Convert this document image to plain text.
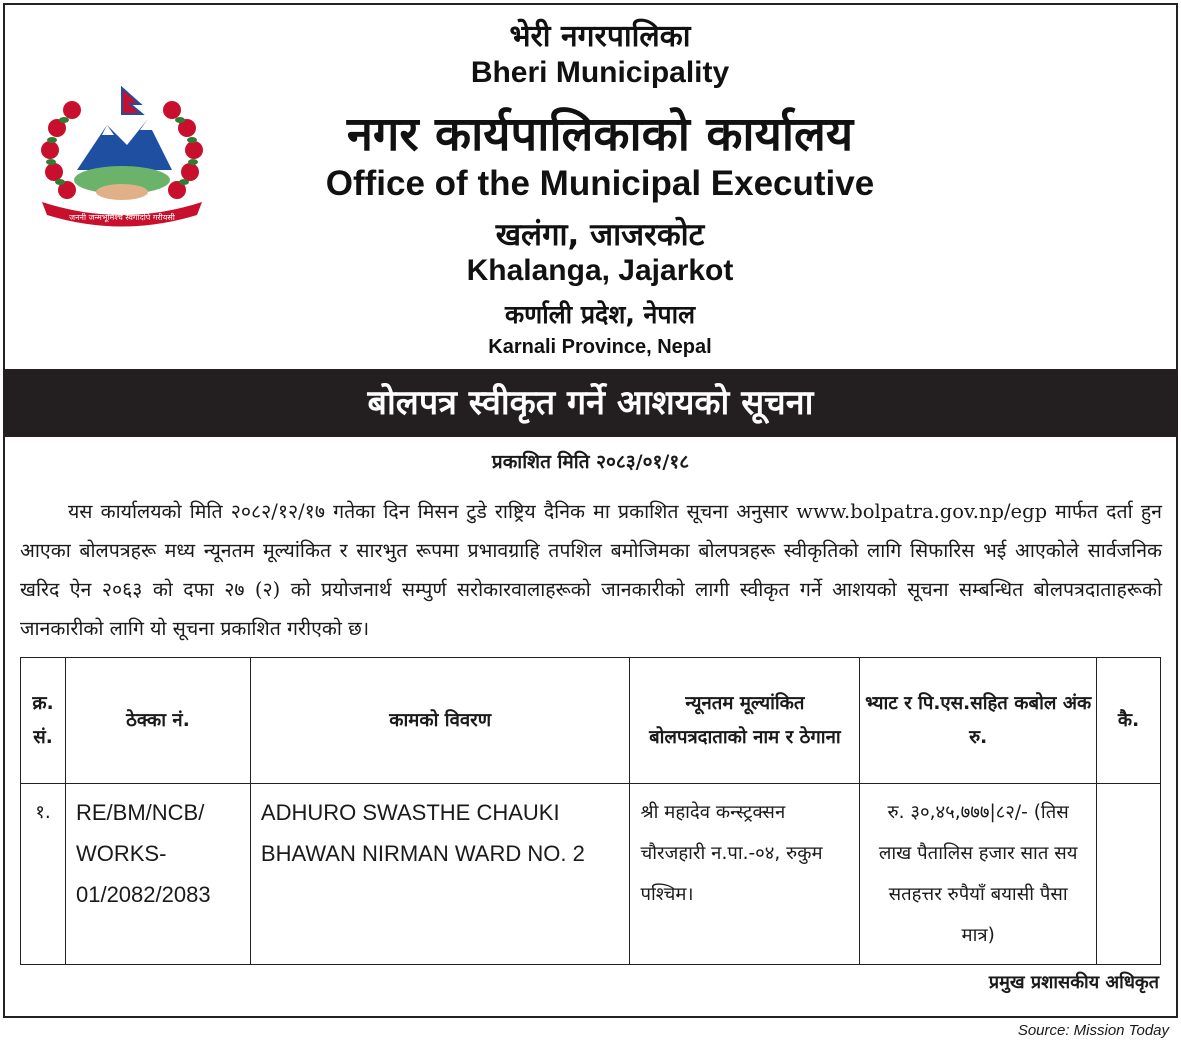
जननी जन्मभूमिश्च स्वर्गादपि गरीयसी
भेरी नगरपालिका
Bheri Municipality
नगर कार्यपालिकाको कार्यालय
Office of the Municipal Executive
खलंगा, जाजरकोट
Khalanga, Jajarkot
कर्णाली प्रदेश, नेपाल
Karnali Province, Nepal
बोलपत्र स्वीकृत गर्ने आशयको सूचना
प्रकाशित मिति २०८३/०१/१८

यस कार्यालयको मिति २०८२/१२/१७ गतेका दिन मिसन टुडे राष्ट्रिय दैनिक मा प्रकाशित सूचना अनुसार www.bolpatra.gov.np/egp मार्फत दर्ता हुन आएका बोलपत्रहरू मध्य न्यूनतम मूल्यांकित र सारभुत रूपमा प्रभावग्राहि तपशिल बमोजिमका बोलपत्रहरू स्वीकृतिको लागि सिफारिस भई आएकोले सार्वजनिक खरिद ऐन २०६३ को दफा २७ (२) को प्रयोजनार्थ सम्पुर्ण सरोकारवालाहरूको जानकारीको लागी स्वीकृत गर्ने आशयको सूचना सम्बन्धित बोलपत्रदाताहरूको जानकारीको लागि यो सूचना प्रकाशित गरीएको छ।

क्र. सं.	ठेक्का नं.	कामको विवरण	न्यूनतम मूल्यांकित बोलपत्रदाताको नाम र ठेगाना	भ्याट र पि.एस.सहित कबोल अंक रु.	कै.
१.	RE/BM/NCB/ WORKS- 01/2082/2083	ADHURO SWASTHE CHAUKI BHAWAN NIRMAN WARD NO. 2	श्री महादेव कन्स्ट्रक्सन चौरजहारी न.पा.-०४, रुकुम पश्चिम।	रु. ३०,४५,७७७|८२/- (तिस लाख पैतालिस हजार सात सय सतहत्तर रुपैयाँ बयासी पैसा मात्र)	
प्रमुख प्रशासकीय अधिकृत
Source: Mission Today
